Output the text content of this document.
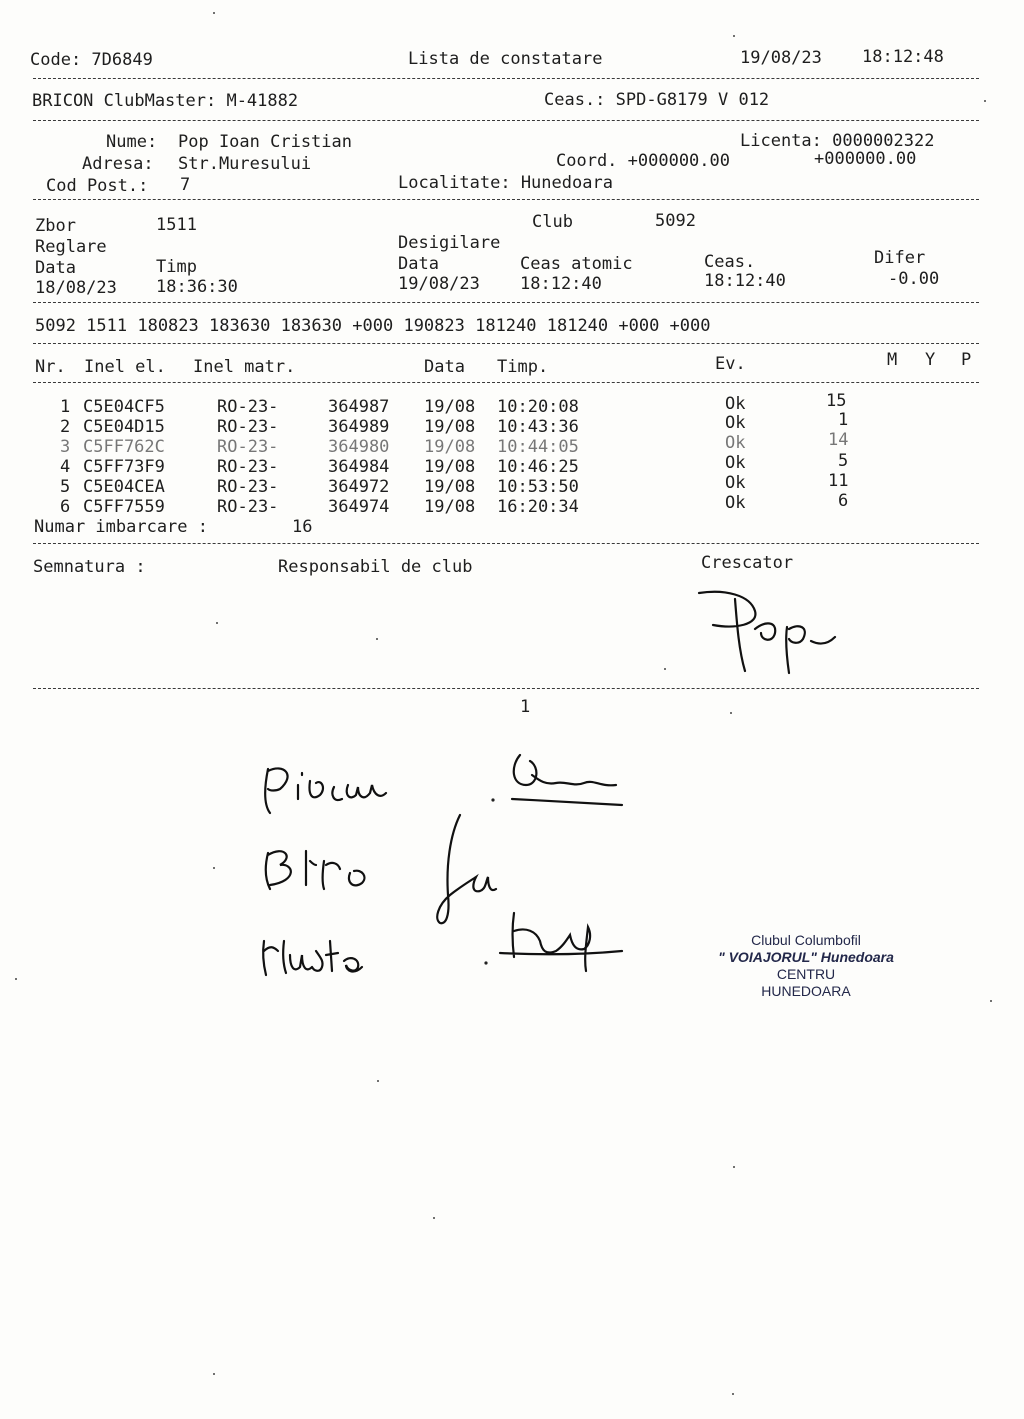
Code: 7D6849	Lista de constatare	19/08/23 18:12:48
BRICON ClubMaster: M-41882	Ceas.: SPD-G8179 V 012
Nume: Pop Ioan Cristian	Licenta: 0000002322
Adresa: Str.Muresului	Coord. +000000.00	+000000.00
Cod Post.: 7	Localitate: Hunedoara
Zbor	1511	Club	5092
Reglare	Desigilare
Data	Timp	Data	Ceas atomic	Ceas.	Difer
18/08/23 18:36:30	19/08/23 18:12:40	18:12:40	-0.00
5092 1511 180823 183630 183630 +000 190823 181240 181240 +000 +000
Nr. Inel el. Inel matr.	Data Timp.	Ev.	M Y P
1 C5E04CF5	RO-23-	364987 19/08 10:20:08	Ok	15
2 C5E04D15	RO-23-	364989 19/08 10:43:36	Ok	1
3 C5FF762C	RO-23-	364980 19/08 10:44:05	Ok	14
4 C5FF73F9	RO-23-	364984 19/08 10:46:25	Ok	5
5 C5E04CEA	RO-23-	364972 19/08 10:53:50	Ok	11
6 C5FF7559	RO-23-	364974 19/08 16:20:34	Ok	6
Numar imbarcare :	16
Semnatura :	Responsabil de club	Crescator
1
Clubul Columbofil
" VOIAJORUL" Hunedoara
CENTRU
HUNEDOARA
